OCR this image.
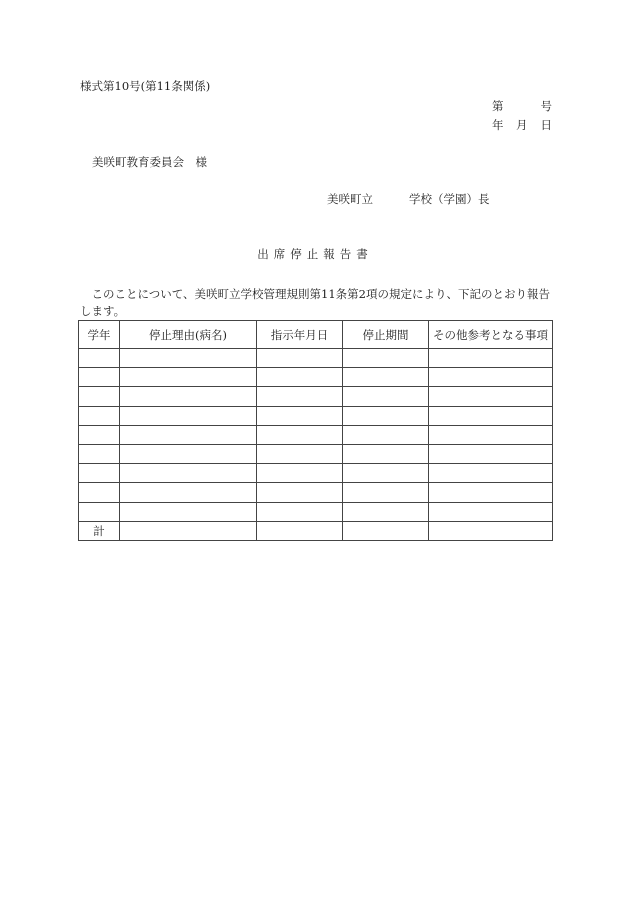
様式第10号(第11条関係)
第	号
年 月 日
美咲町教育委員会　様
美咲町立	学校（学園）長
出席停止報告書
このことについて、美咲町立学校管理規則第11条第2項の規定により、下記のとおり報告します。
学年	停止理由(病名)	指示年月日	停止期間	その他参考となる事項

計				
